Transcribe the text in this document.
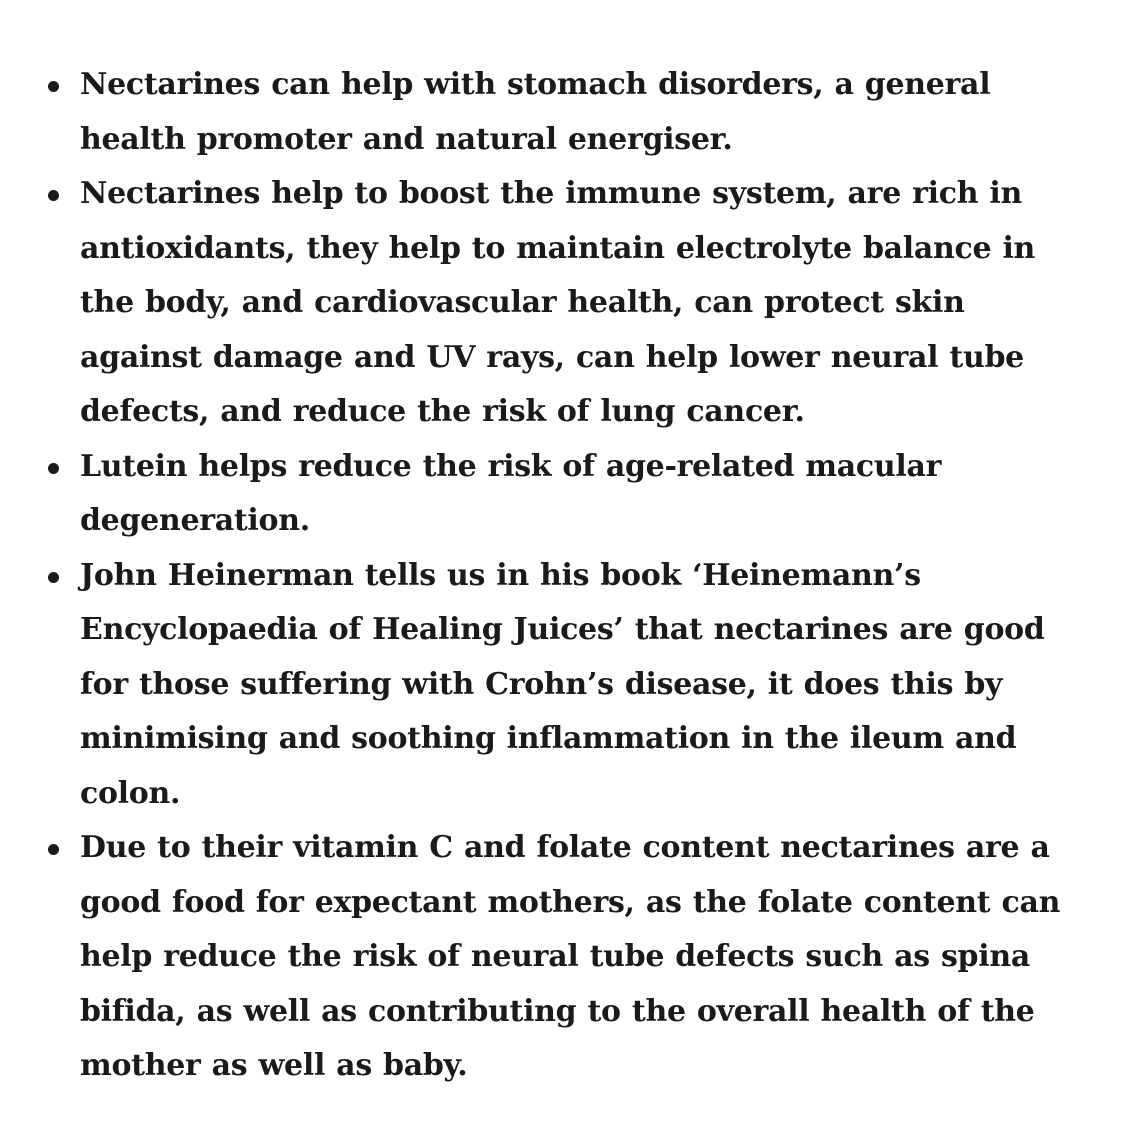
Nectarines can help with stomach disorders, a general health promoter and natural energiser.
Nectarines help to boost the immune system, are rich in antioxidants, they help to maintain electrolyte balance in the body, and cardiovascular health, can protect skin against damage and UV rays, can help lower neural tube defects, and reduce the risk of lung cancer.
Lutein helps reduce the risk of age-related macular degeneration.
John Heinerman tells us in his book ‘Heinemann’s Encyclopaedia of Healing Juices’ that nectarines are good for those suffering with Crohn’s disease, it does this by minimising and soothing inflammation in the ileum and colon.
Due to their vitamin C and folate content nectarines are a good food for expectant mothers, as the folate content can help reduce the risk of neural tube defects such as spina bifida, as well as contributing to the overall health of the mother as well as baby.
